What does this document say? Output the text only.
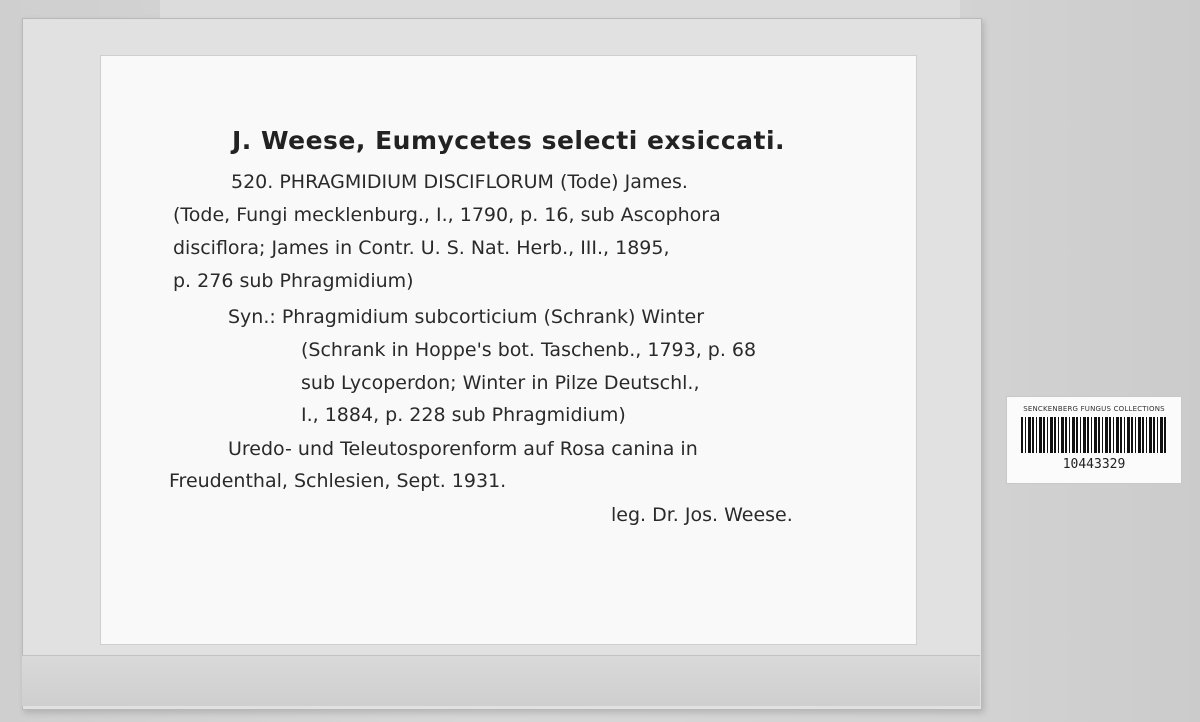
J. Weese, Eumycetes selecti exsiccati.
520. PHRAGMIDIUM DISCIFLORUM (Tode) James.
(Tode, Fungi mecklenburg., I., 1790, p. 16, sub Ascophora
disciflora; James in Contr. U. S. Nat. Herb., III., 1895,
p. 276 sub Phragmidium)
Syn.: Phragmidium subcorticium (Schrank) Winter
(Schrank in Hoppe's bot. Taschenb., 1793, p. 68
sub Lycoperdon; Winter in Pilze Deutschl.,
I., 1884, p. 228 sub Phragmidium)
Uredo- und Teleutosporenform auf Rosa canina in
Freudenthal, Schlesien, Sept. 1931.
leg. Dr. Jos. Weese.
SENCKENBERG FUNGUS COLLECTIONS
10443329
